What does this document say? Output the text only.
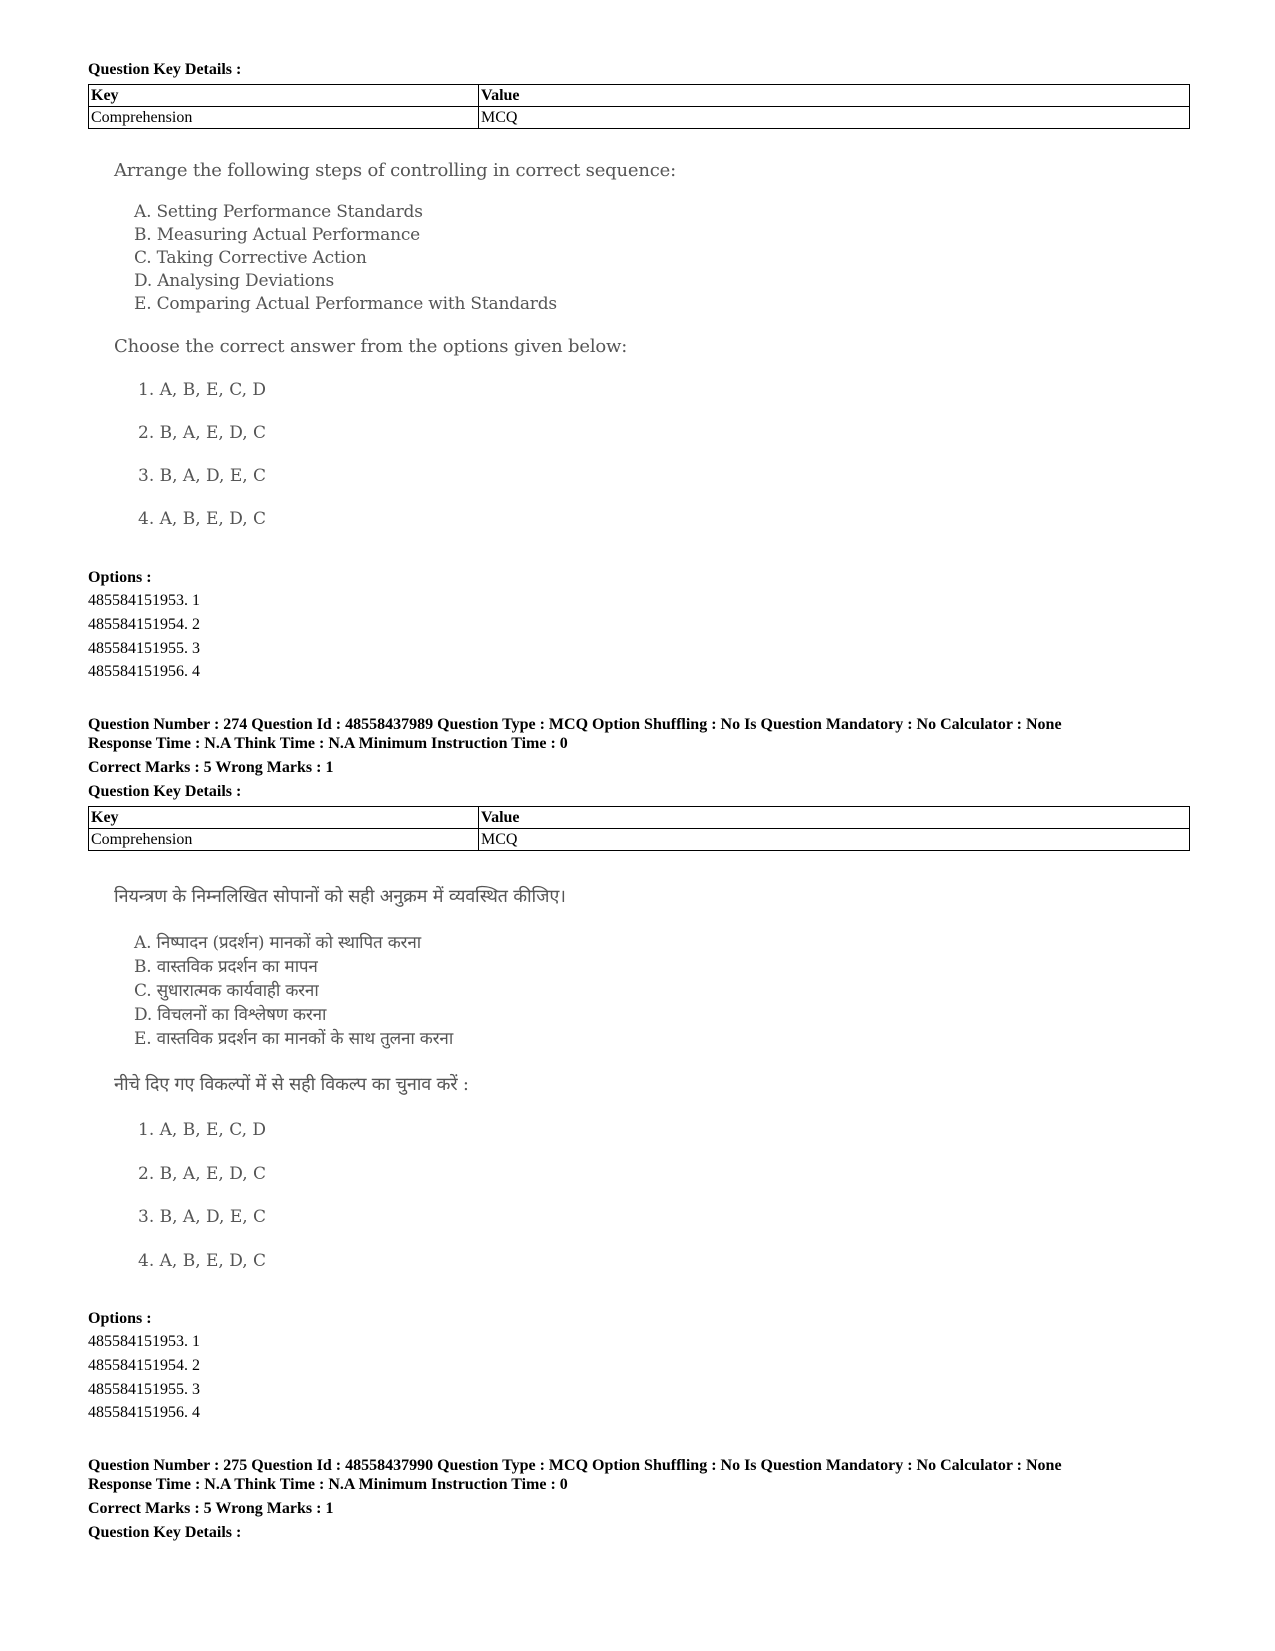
Question Key Details :
Key	Value
Comprehension	MCQ
Arrange the following steps of controlling in correct sequence:
A. Setting Performance Standards
B. Measuring Actual Performance
C. Taking Corrective Action
D. Analysing Deviations
E. Comparing Actual Performance with Standards
Choose the correct answer from the options given below:
1. A, B, E, C, D
2. B, A, E, D, C
3. B, A, D, E, C
4. A, B, E, D, C
Options :
485584151953. 1
485584151954. 2
485584151955. 3
485584151956. 4
Question Number : 274 Question Id : 48558437989 Question Type : MCQ Option Shuffling : No Is Question Mandatory : No Calculator : None
Response Time : N.A Think Time : N.A Minimum Instruction Time : 0
Correct Marks : 5 Wrong Marks : 1
Question Key Details :
Key	Value
Comprehension	MCQ
नियन्त्रण के निम्नलिखित सोपानों को सही अनुक्रम में व्यवस्थित कीजिए।
A. निष्पादन (प्रदर्शन) मानकों को स्थापित करना
B. वास्तविक प्रदर्शन का मापन
C. सुधारात्मक कार्यवाही करना
D. विचलनों का विश्लेषण करना
E. वास्तविक प्रदर्शन का मानकों के साथ तुलना करना
नीचे दिए गए विकल्पों में से सही विकल्प का चुनाव करें :
1. A, B, E, C, D
2. B, A, E, D, C
3. B, A, D, E, C
4. A, B, E, D, C
Options :
485584151953. 1
485584151954. 2
485584151955. 3
485584151956. 4
Question Number : 275 Question Id : 48558437990 Question Type : MCQ Option Shuffling : No Is Question Mandatory : No Calculator : None
Response Time : N.A Think Time : N.A Minimum Instruction Time : 0
Correct Marks : 5 Wrong Marks : 1
Question Key Details :
